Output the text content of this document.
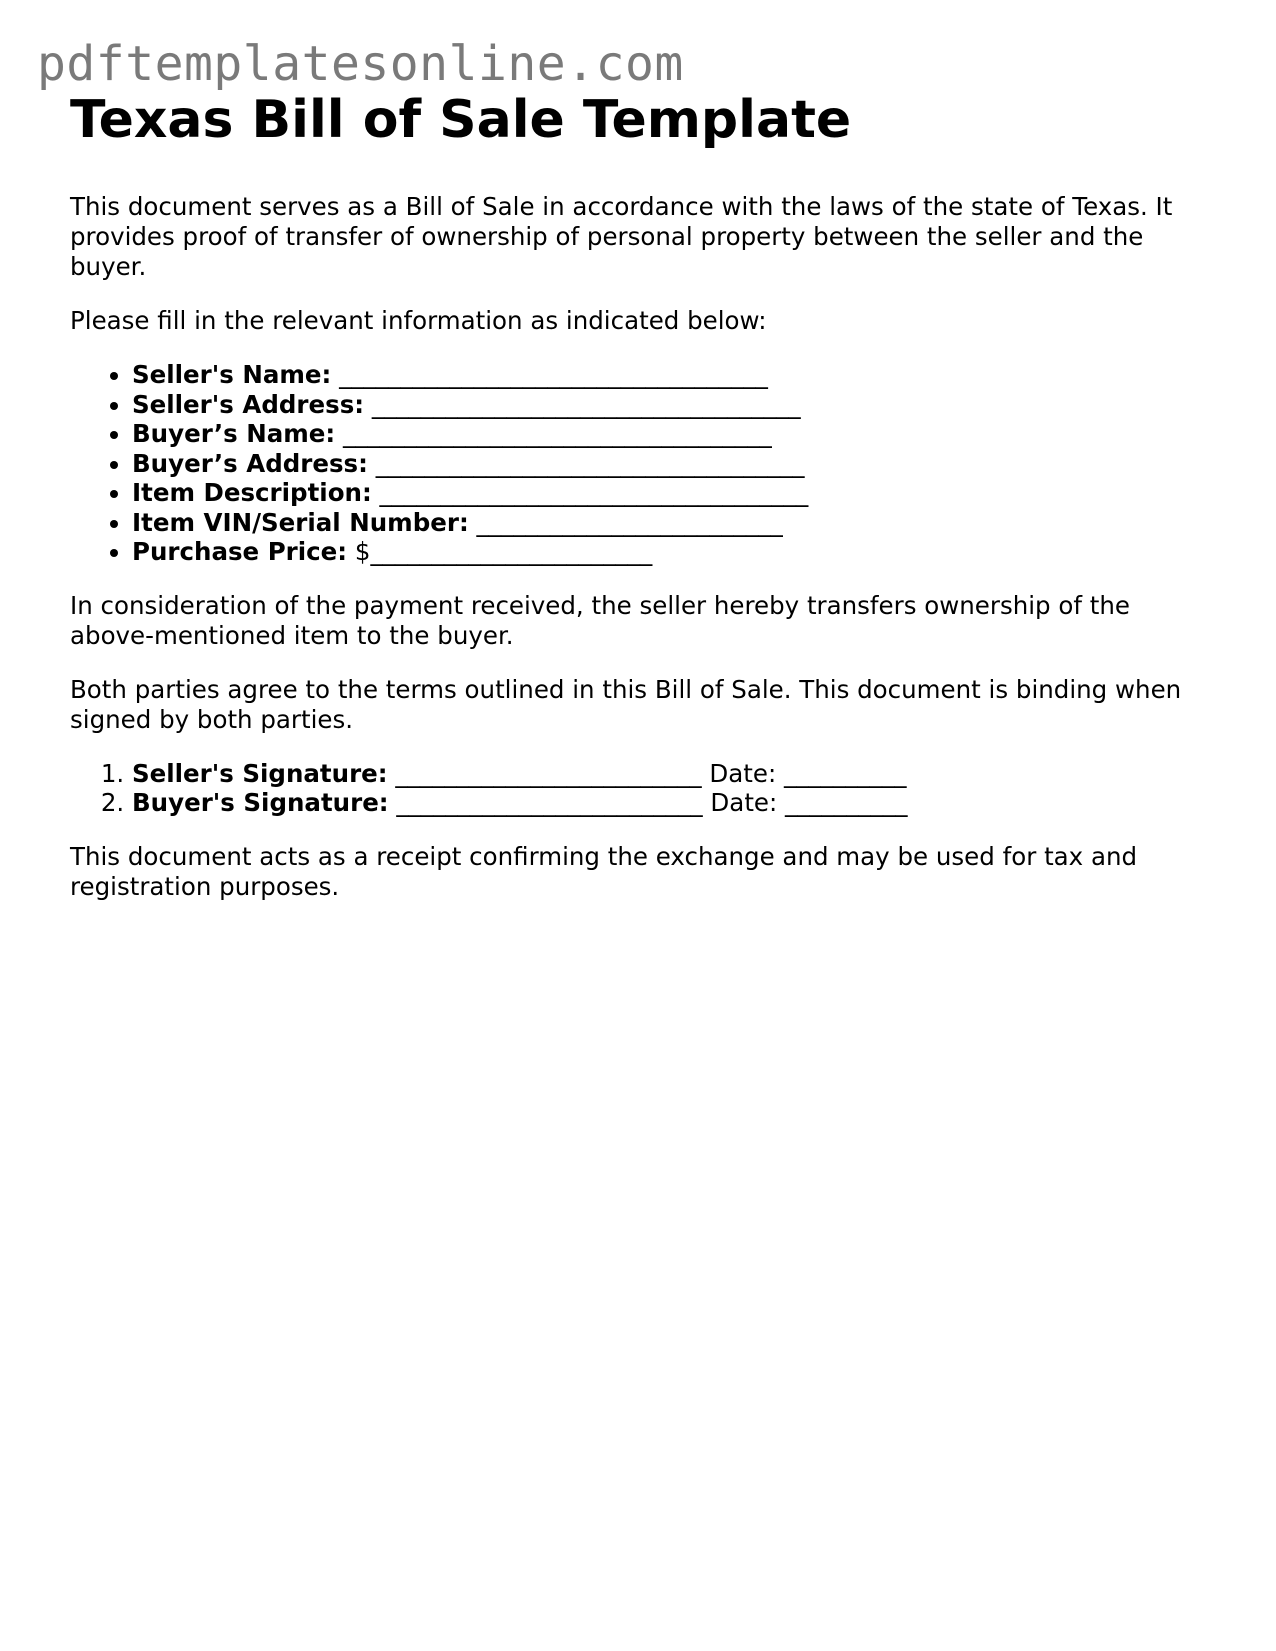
pdftemplatesonline.com
Texas Bill of Sale Template

This document serves as a Bill of Sale in accordance with the laws of the state of Texas. It provides proof of transfer of ownership of personal property between the seller and the buyer.

Please fill in the relevant information as indicated below:

• Seller's Name: ___________________________________
• Seller's Address: ___________________________________
• Buyer’s Name: ___________________________________
• Buyer’s Address: ___________________________________
• Item Description: ___________________________________
• Item VIN/Serial Number: _________________________
• Purchase Price: $_______________________

In consideration of the payment received, the seller hereby transfers ownership of the above-mentioned item to the buyer.

Both parties agree to the terms outlined in this Bill of Sale. This document is binding when signed by both parties.

1. Seller's Signature: _________________________ Date: __________
2. Buyer's Signature: _________________________ Date: __________

This document acts as a receipt confirming the exchange and may be used for tax and registration purposes.
